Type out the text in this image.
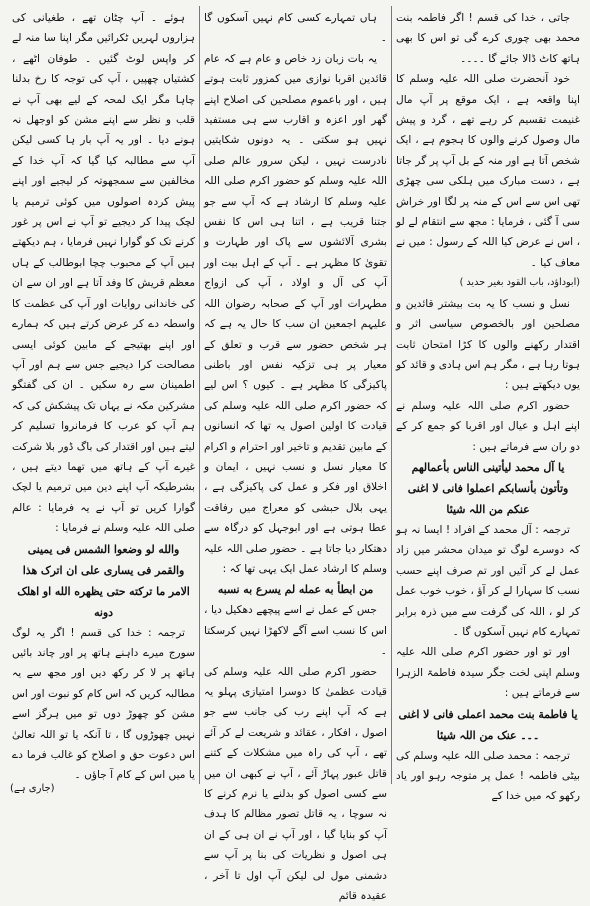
جاتی ، خدا کی قسم ! اگر فاطمہ بنت محمد بھی چوری کرے گی تو اس کا بھی ہاتھ کاٹ ڈالا جائے گا ۔۔۔۔

خود آنحضرت صلی اللہ علیہ وسلم کا اپنا واقعہ ہے ، ایک موقع پر آپ مال غنیمت تقسیم کر رہے تھے ، گرد و پیش مال وصول کرنے والوں کا ہجوم ہے ، ایک شخص آتا ہے اور منہ کے بل آپ پر گر جاتا ہے ، دست مبارک میں ہلکی سی چھڑی تھی اس سے اس کے منہ پر لگا اور خراش سی آ گئی ، فرمایا : مجھ سے انتقام لے لو ، اس نے عرض کیا اللہ کے رسول : میں نے معاف کیا ۔

(ابوداؤد، باب القود بغیر حدید )

نسل و نسب کا یہ بت بیشتر قائدین و مصلحین اور بالخصوص سیاسی اثر و اقتدار رکھنے والوں کا کڑا امتحان ثابت ہوتا رہا ہے ، مگر ہم اس ہادی و قائد کو یوں دیکھتے ہیں :

حضور اکرم صلی اللہ علیہ وسلم نے اپنے اہل و عیال اور اقربا کو جمع کر کے دو ران سے فرماتے ہیں :

یا آل محمد لیأتینی الناس بأعمالهم وتأتون بأنسابكم اعملوا فانی لا اغنی عنکم من اللہ شیئا

ترجمہ : آل محمد کے افراد ! ایسا نہ ہو کہ دوسرے لوگ تو میدان محشر میں زاد عمل لے کر آئیں اور تم صرف اپنے حسب نسب کا سہارا لے کر آؤ ، خوب خوب عمل کر لو ، اللہ کی گرفت سے میں ذرہ برابر تمہارے کام نہیں آسکوں گا ۔

اور تو اور حضور اکرم صلی اللہ علیہ وسلم اپنی لخت جگر سیدہ فاطمۃ الزہرا سے فرماتے ہیں :

یا فاطمة بنت محمد اعملی فانی لا اغنی ۔۔۔ عنک من اللہ شیئا

ترجمہ : محمد صلی اللہ علیہ وسلم کی بیٹی فاطمہ ! عمل پر متوجہ رہو اور یاد رکھو کہ میں خدا کے

ہاں تمہارے کسی کام نہیں آسکوں گا ۔

یہ بات زبان زد خاص و عام ہے کہ عام قائدین اقربا نوازی میں کمزور ثابت ہوتے ہیں ، اور باعموم مصلحین کی اصلاح اپنے گھر اور اعزہ و اقارب سے ہی مستفید نہیں ہو سکتی ۔ یہ دونوں شکایتیں نادرست نہیں ، لیکن سرور عالم صلی اللہ علیہ وسلم کو حضور اکرم صلی اللہ علیہ وسلم کا ارشاد ہے کہ آپ سے جو جتنا قریب ہے ، اتنا ہی اس کا نفس بشری آلائشوں سے پاک اور طہارت و تقویٰ کا مظہر ہے ۔ آپ کے اہل بیت اور آپ کی آل و اولاد ، آپ کی ازواج مطہرات اور آپ کے صحابہ رضوان اللہ علیہم اجمعین ان سب کا حال یہ ہے کہ ہر شخص حضور سے قرب و تعلق کے معیار پر ہی تزکیہ نفس اور باطنی پاکیزگی کا مظہر ہے ۔ کیوں ؟ اس لیے کہ حضور اکرم صلی اللہ علیہ وسلم کی قیادت کا اولین اصول یہ تھا کہ انسانوں کے مابین تقدیم و تاخیر اور احترام و اکرام کا معیار نسل و نسب نہیں ، ایمان و اخلاق اور فکر و عمل کی پاکیزگی ہے ، یہی بلال حبشی کو معراج میں رفاقت عطا ہوتی ہے اور ابوجہل کو درگاہ سے دھتکار دیا جاتا ہے ۔ حضور صلی اللہ علیہ وسلم کا ارشاد عمل ایک یہی تھا کہ :

من ابطأ به عمله لم يسرع به نسبه

جس کے عمل نے اسے پیچھے دھکیل دیا ، اس کا نسب اسے آگے لاکھڑا نہیں کرسکتا ۔

حضور اکرم صلی اللہ علیہ وسلم کی قیادت عظمیٰ کا دوسرا امتیازی پہلو یہ ہے کہ آپ اپنے رب کی جانب سے جو اصول ، افکار ، عقائد و شریعت لے کر آئے تھے ، آپ کی راہ میں مشکلات کے کتنے قاتل عبور پہاڑ آئے ، آپ نے کبھی ان میں سے کسی اصول کو بدلنے یا نرم کرنے کا نہ سوچا ، یہ قاتل تصور مظالم کا ہدف آپ کو بنایا گیا ، اور آپ نے ان ہی کے ان ہی اصول و نظریات کی بنا پر آپ سے دشمنی مول لی لیکن آپ اول تا آخر ، عقیدہ قائم

ہوئے ۔ آپ چٹان تھے ، طغیانی کی ہزاروں لہریں ٹکرائیں مگر اپنا سا منہ لے کر واپس لوٹ گئیں ۔ طوفان اٹھے ، کشتیاں چھپیں ، آپ کی توجہ کا رخ بدلنا چاہا مگر ایک لمحہ کے لیے بھی آپ نے قلب و نظر سے اپنے مشن کو اوجھل نہ ہونے دیا ۔ اور یہ آپ بار ہا کسی لیکن آپ سے مطالبہ کیا گیا کہ آپ خدا کے مخالفین سے سمجھوتہ کر لیجیے اور اپنے پیش کردہ اصولوں میں کوئی ترمیم یا لچک پیدا کر دیجیے تو آپ نے اس پر غور کرنے تک کو گوارا نہیں فرمایا ، ہم دیکھتے ہیں آپ کے محبوب چچا ابوطالب کے ہاں معظم قریش کا وفد آتا ہے اور ان سے ان کی خاندانی روایات اور آپ کی عظمت کا واسطہ دے کر عرض کرتے ہیں کہ ہمارے اور اپنے بھتیجے کے مابین کوئی ایسی مصالحت کرا دیجیے جس سے ہم اور آپ اطمینان سے رہ سکیں ۔ ان کی گفتگو مشرکین مکہ نے یہاں تک پیشکش کی کہ ہم آپ کو عرب کا فرمانروا تسلیم کر لیتے ہیں اور اقتدار کی باگ ڈور بلا شرکت غیرے آپ کے ہاتھ میں تھما دیتے ہیں ، بشرطیکہ آپ اپنے دین میں ترمیم یا لچک گوارا کریں تو آپ نے یہ فرمایا : عالم صلی اللہ علیہ وسلم نے فرمایا :

والله لو وضعوا الشمس فی یمینی والقمر فی یساری علی ان اترک هذا الامر ما ترکته حتی یظهره الله او اهلک دونه

ترجمہ : خدا کی قسم ! اگر یہ لوگ سورج میرے داہنے ہاتھ پر اور چاند بائیں ہاتھ پر لا کر رکھ دیں اور مجھ سے یہ مطالبہ کریں کہ اس کام کو نبوت اور اس مشن کو چھوڑ دوں تو میں ہرگز اسے نہیں چھوڑوں گا ، تا آنکہ یا تو اللہ تعالیٰ اس دعوت حق و اصلاح کو غالب فرما دے یا میں اس کے کام آ جاؤں ۔

(جاری ہے)
